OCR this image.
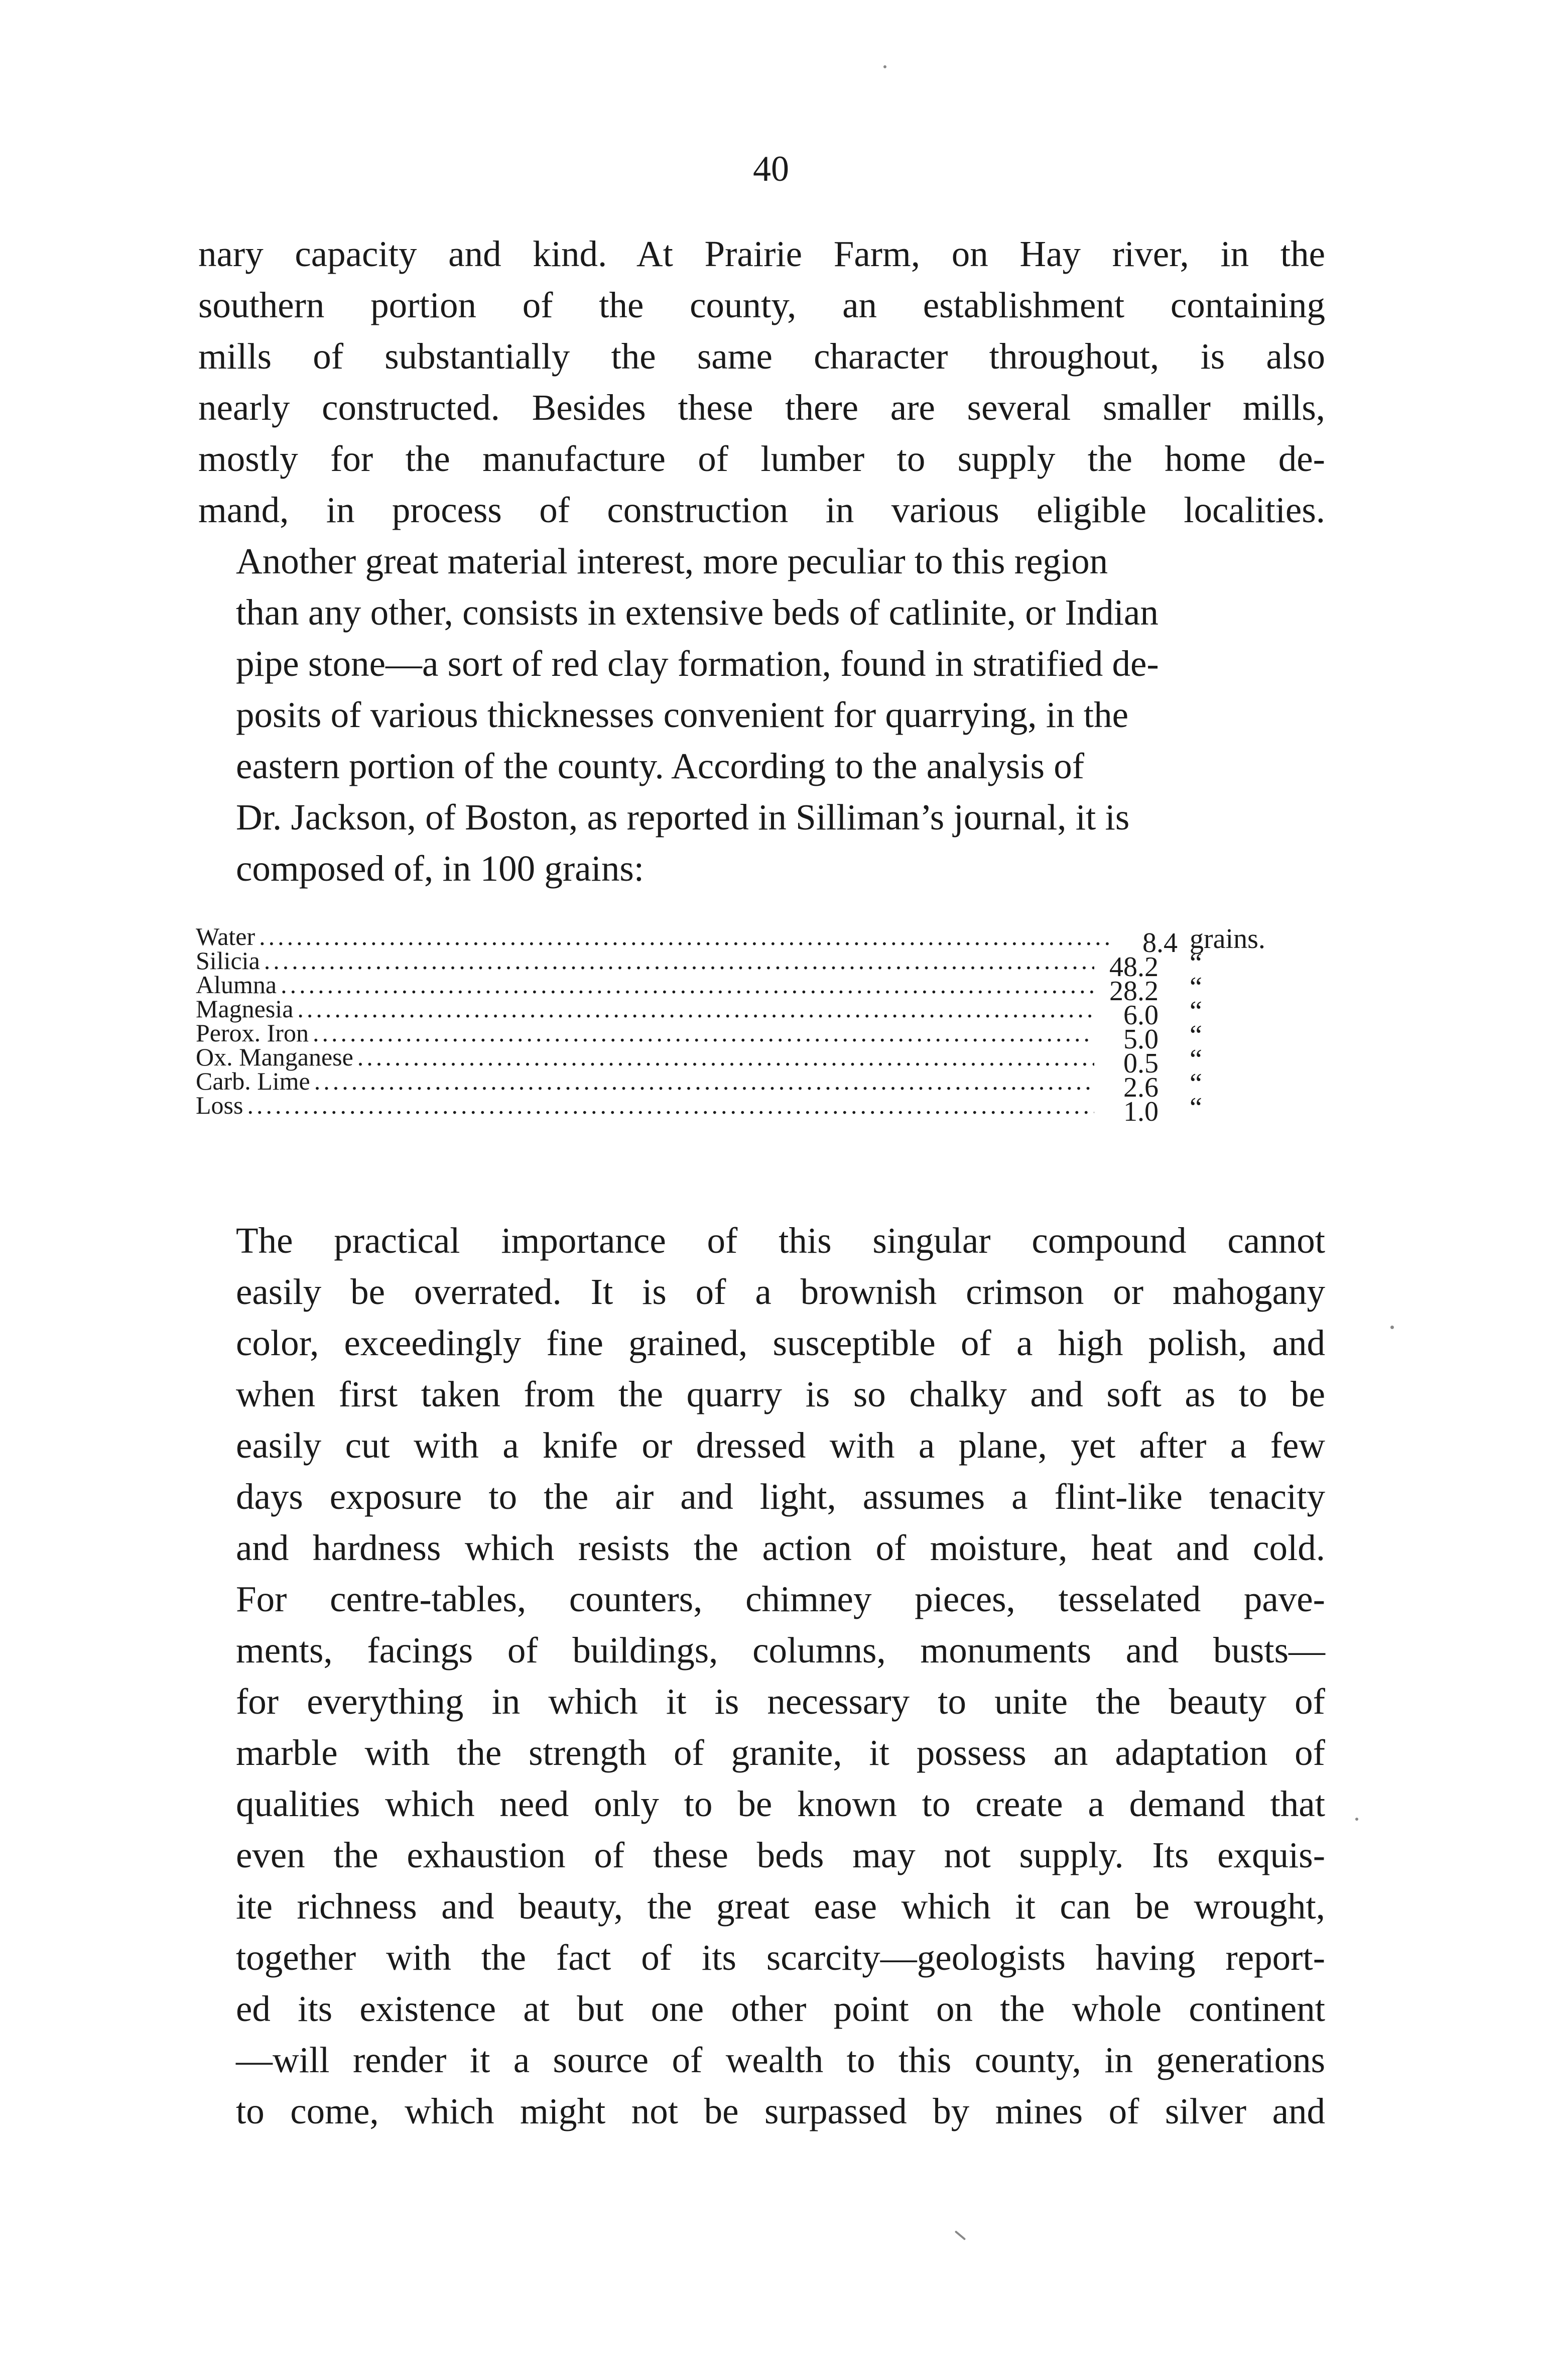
40

nary capacity and kind. At Prairie Farm, on Hay river, in the
southern portion of the county, an establishment containing
mills of substantially the same character throughout, is also
nearly constructed. Besides these there are several smaller mills,
mostly for the manufacture of lumber to supply the home de-
mand, in process of construction in various eligible localities.

Another great material interest, more peculiar to this region
than any other, consists in extensive beds of catlinite, or Indian
pipe stone—a sort of red clay formation, found in stratified de-
posits of various thicknesses convenient for quarrying, in the
eastern portion of the county. According to the analysis of
Dr. Jackson, of Boston, as reported in Silliman’s journal, it is
composed of, in 100 grains:

Water .....	8.4 grains.
Silicia .....	48.2	“
Alumna .....	28.2	“
Magnesia .....	6.0	“
Perox. Iron .....	5.0	“
Ox. Manganese .....	0.5	“
Carb. Lime .....	2.6	“
Loss .....	1.0	“

The practical importance of this singular compound cannot
easily be overrated. It is of a brownish crimson or mahogany
color, exceedingly fine grained, susceptible of a high polish, and
when first taken from the quarry is so chalky and soft as to be
easily cut with a knife or dressed with a plane, yet after a few
days exposure to the air and light, assumes a flint-like tenacity
and hardness which resists the action of moisture, heat and cold.
For centre-tables, counters, chimney pieces, tesselated pave-
ments, facings of buildings, columns, monuments and busts—
for everything in which it is necessary to unite the beauty of
marble with the strength of granite, it possess an adaptation of
qualities which need only to be known to create a demand that
even the exhaustion of these beds may not supply. Its exquis-
ite richness and beauty, the great ease which it can be wrought,
together with the fact of its scarcity—geologists having report-
ed its existence at but one other point on the whole continent
—will render it a source of wealth to this county, in generations
to come, which might not be surpassed by mines of silver and
